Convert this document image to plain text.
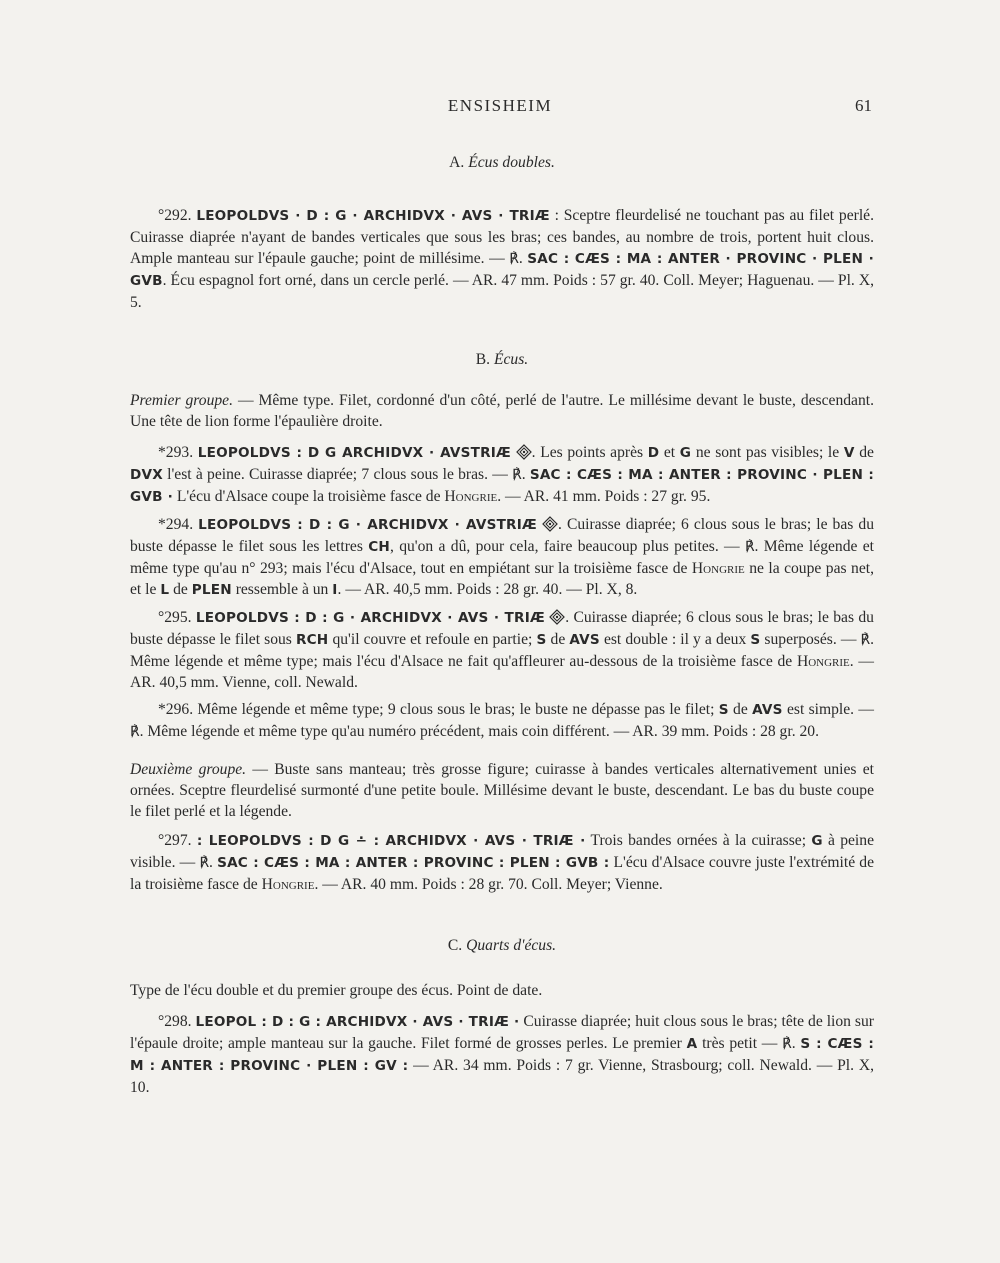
ENSISHEIM	61

A. Écus doubles.

°292. LEOPOLDVS · D : G · ARCHIDVX · AVS · TRIÆ : Sceptre fleurdelisé ne touchant pas au filet perlé. Cuirasse diaprée n'ayant de bandes verticales que sous les bras; ces bandes, au nombre de trois, portent huit clous. Ample manteau sur l'épaule gauche; point de millésime. — ℟. SAC : CÆS : MA : ANTER · PROVINC · PLEN · GVB. Écu espagnol fort orné, dans un cercle perlé. — AR. 47 mm. Poids : 57 gr. 40. Coll. Meyer; Haguenau. — Pl. X, 5.

B. Écus.

Premier groupe. — Même type. Filet, cordonné d'un côté, perlé de l'autre. Le millésime devant le buste, descendant. Une tête de lion forme l'épaulière droite.

*293. LEOPOLDVS : D G ARCHIDVX · AVSTRIÆ . Les points après D et G ne sont pas visibles; le V de DVX l'est à peine. Cuirasse diaprée; 7 clous sous le bras. — ℟. SAC : CÆS : MA : ANTER : PROVINC · PLEN : GVB · L'écu d'Alsace coupe la troisième fasce de Hongrie. — AR. 41 mm. Poids : 27 gr. 95.

*294. LEOPOLDVS : D : G · ARCHIDVX · AVSTRIÆ . Cuirasse diaprée; 6 clous sous le bras; le bas du buste dépasse le filet sous les lettres CH, qu'on a dû, pour cela, faire beaucoup plus petites. — ℟. Même légende et même type qu'au n° 293; mais l'écu d'Alsace, tout en empiétant sur la troisième fasce de Hongrie ne la coupe pas net, et le L de PLEN ressemble à un I. — AR. 40,5 mm. Poids : 28 gr. 40. — Pl. X, 8.

°295. LEOPOLDVS : D : G · ARCHIDVX · AVS · TRIÆ . Cuirasse diaprée; 6 clous sous le bras; le bas du buste dépasse le filet sous RCH qu'il couvre et refoule en partie; S de AVS est double : il y a deux S superposés. — ℟. Même légende et même type; mais l'écu d'Alsace ne fait qu'affleurer au-dessous de la troisième fasce de Hongrie. — AR. 40,5 mm. Vienne, coll. Newald.

*296. Même légende et même type; 9 clous sous le bras; le buste ne dépasse pas le filet; S de AVS est simple. — ℟. Même légende et même type qu'au numéro précédent, mais coin différent. — AR. 39 mm. Poids : 28 gr. 20.

Deuxième groupe. — Buste sans manteau; très grosse figure; cuirasse à bandes verticales alternativement unies et ornées. Sceptre fleurdelisé surmonté d'une petite boule. Millésime devant le buste, descendant. Le bas du buste coupe le filet perlé et la légende.

°297. : LEOPOLDVS : D G ∸ : ARCHIDVX · AVS · TRIÆ · Trois bandes ornées à la cuirasse; G à peine visible. — ℟. SAC : CÆS : MA : ANTER : PROVINC : PLEN : GVB : L'écu d'Alsace couvre juste l'extrémité de la troisième fasce de Hongrie. — AR. 40 mm. Poids : 28 gr. 70. Coll. Meyer; Vienne.

C. Quarts d'écus.

Type de l'écu double et du premier groupe des écus. Point de date.

°298. LEOPOL : D : G : ARCHIDVX · AVS · TRIÆ · Cuirasse diaprée; huit clous sous le bras; tête de lion sur l'épaule droite; ample manteau sur la gauche. Filet formé de grosses perles. Le premier A très petit — ℟. S : CÆS : M : ANTER : PROVINC · PLEN : GV : — AR. 34 mm. Poids : 7 gr. Vienne, Strasbourg; coll. Newald. — Pl. X, 10.
